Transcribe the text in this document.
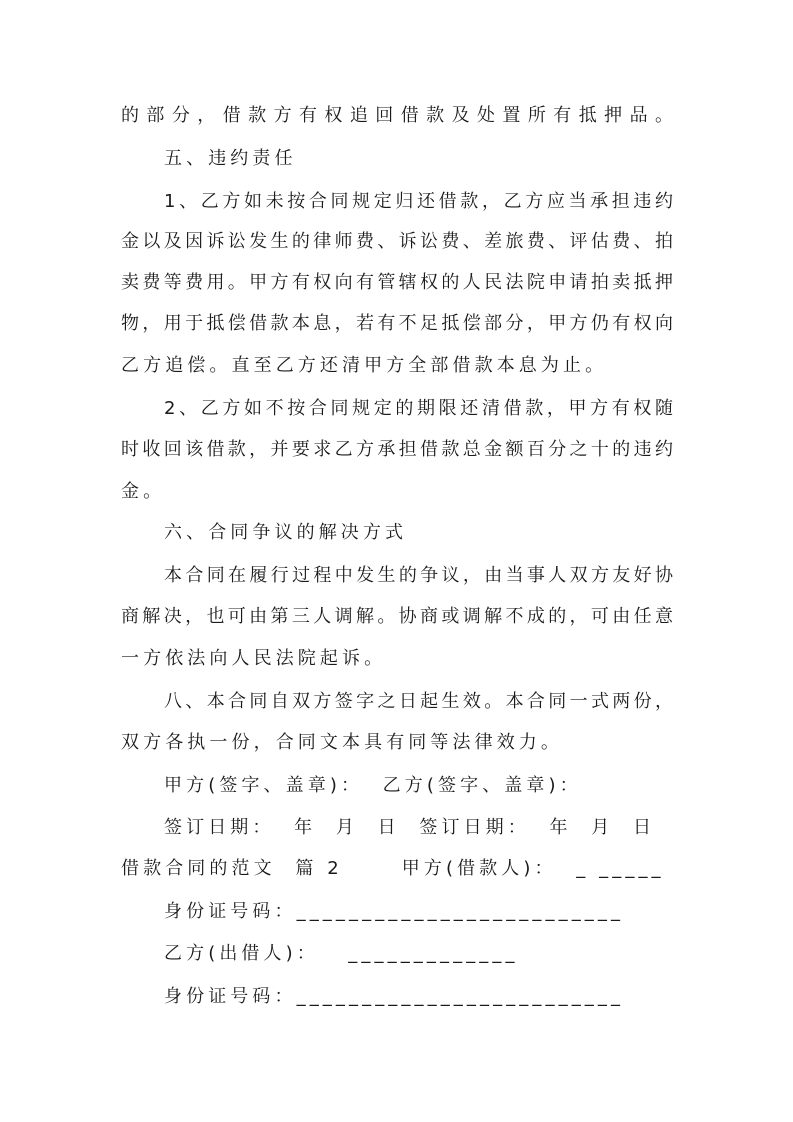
的部分，借款方有权追回借款及处置所有抵押品。
五、违约责任
1、乙方如未按合同规定归还借款，乙方应当承担违约
金以及因诉讼发生的律师费、诉讼费、差旅费、评估费、拍
卖费等费用。甲方有权向有管辖权的人民法院申请拍卖抵押
物，用于抵偿借款本息，若有不足抵偿部分，甲方仍有权向
乙方追偿。直至乙方还清甲方全部借款本息为止。
2、乙方如不按合同规定的期限还清借款，甲方有权随
时收回该借款，并要求乙方承担借款总金额百分之十的违约
金。
六、合同争议的解决方式
本合同在履行过程中发生的争议，由当事人双方友好协
商解决，也可由第三人调解。协商或调解不成的，可由任意
一方依法向人民法院起诉。
八、本合同自双方签字之日起生效。本合同一式两份，
双方各执一份，合同文本具有同等法律效力。
甲方(签字、盖章)：  乙方(签字、盖章)：
签订日期：  年  月  日  签订日期：  年  月  日
借款合同的范文  篇 2      甲方(借款人)：  _ _____
身份证号码：_________________________
乙方(出借人)：   _____________
身份证号码：_________________________
